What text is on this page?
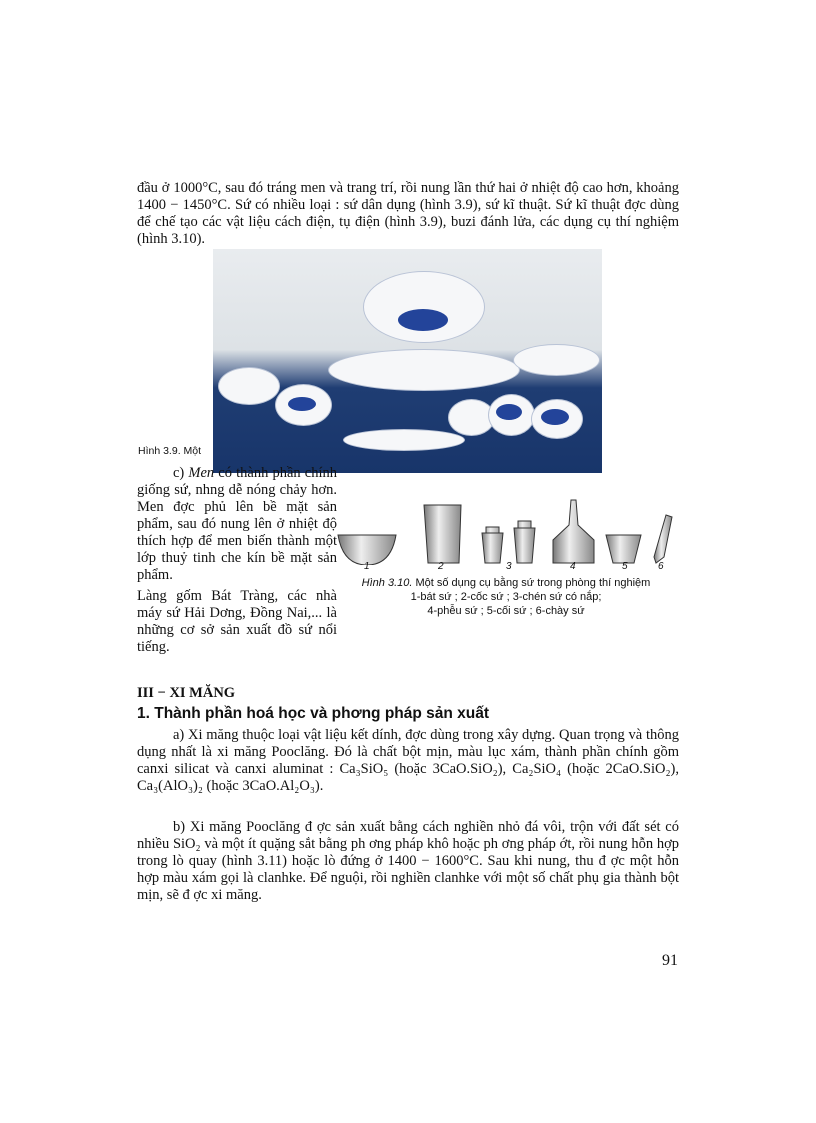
đầu ở 1000°C, sau đó tráng men và trang trí, rồi nung lần thứ hai ở nhiệt độ cao hơn, khoảng 1400 − 1450°C. Sứ có nhiều loại : sứ dân dụng (hình 3.9), sứ kĩ thuật. Sứ kĩ thuật đợc dùng để chế tạo các vật liệu cách điện, tụ điện (hình 3.9), buzi đánh lửa, các dụng cụ thí nghiệm (hình 3.10).

Hình 3.9. Một

c) Men có thành phần chính giống sứ, nhng dễ nóng chảy hơn. Men đợc phủ lên bề mặt sản phẩm, sau đó nung lên ở nhiệt độ thích hợp để men biến thành một lớp thuỷ tinh che kín bề mặt sản phẩm.

Làng gốm Bát Tràng, các nhà máy sứ Hải Dơng, Đồng Nai,... là những cơ sở sản xuất đồ sứ nổi tiếng.

1	2	3	4	5	6
Hình 3.10. Một số dụng cụ bằng sứ trong phòng thí nghiệm
1-bát sứ ; 2-cốc sứ ; 3-chén sứ có nắp;
4-phễu sứ ; 5-cối sứ ; 6-chày sứ
III − XI MĂNG
1. Thành phần hoá học và phơng pháp sản xuất

a) Xi măng thuộc loại vật liệu kết dính, đợc dùng trong xây dựng. Quan trọng và thông dụng nhất là xi măng Pooclăng. Đó là chất bột mịn, màu lục xám, thành phần chính gồm canxi silicat và canxi aluminat : Ca₃SiO₅ (hoặc 3CaO.SiO₂), Ca₂SiO₄ (hoặc 2CaO.SiO₂), Ca₃(AlO₃)₂ (hoặc 3CaO.Al₂O₃).

b) Xi măng Pooclăng đ ợc sản xuất bằng cách nghiền nhỏ đá vôi, trộn với đất sét có nhiều SiO₂ và một ít quặng sắt bằng ph ơng pháp khô hoặc ph ơng pháp ớt, rồi nung hỗn hợp trong lò quay (hình 3.11) hoặc lò đứng ở 1400 − 1600°C. Sau khi nung, thu đ ợc một hỗn hợp màu xám gọi là clanhke. Để nguội, rồi nghiền clanhke với một số chất phụ gia thành bột mịn, sẽ đ ợc xi măng.

91
